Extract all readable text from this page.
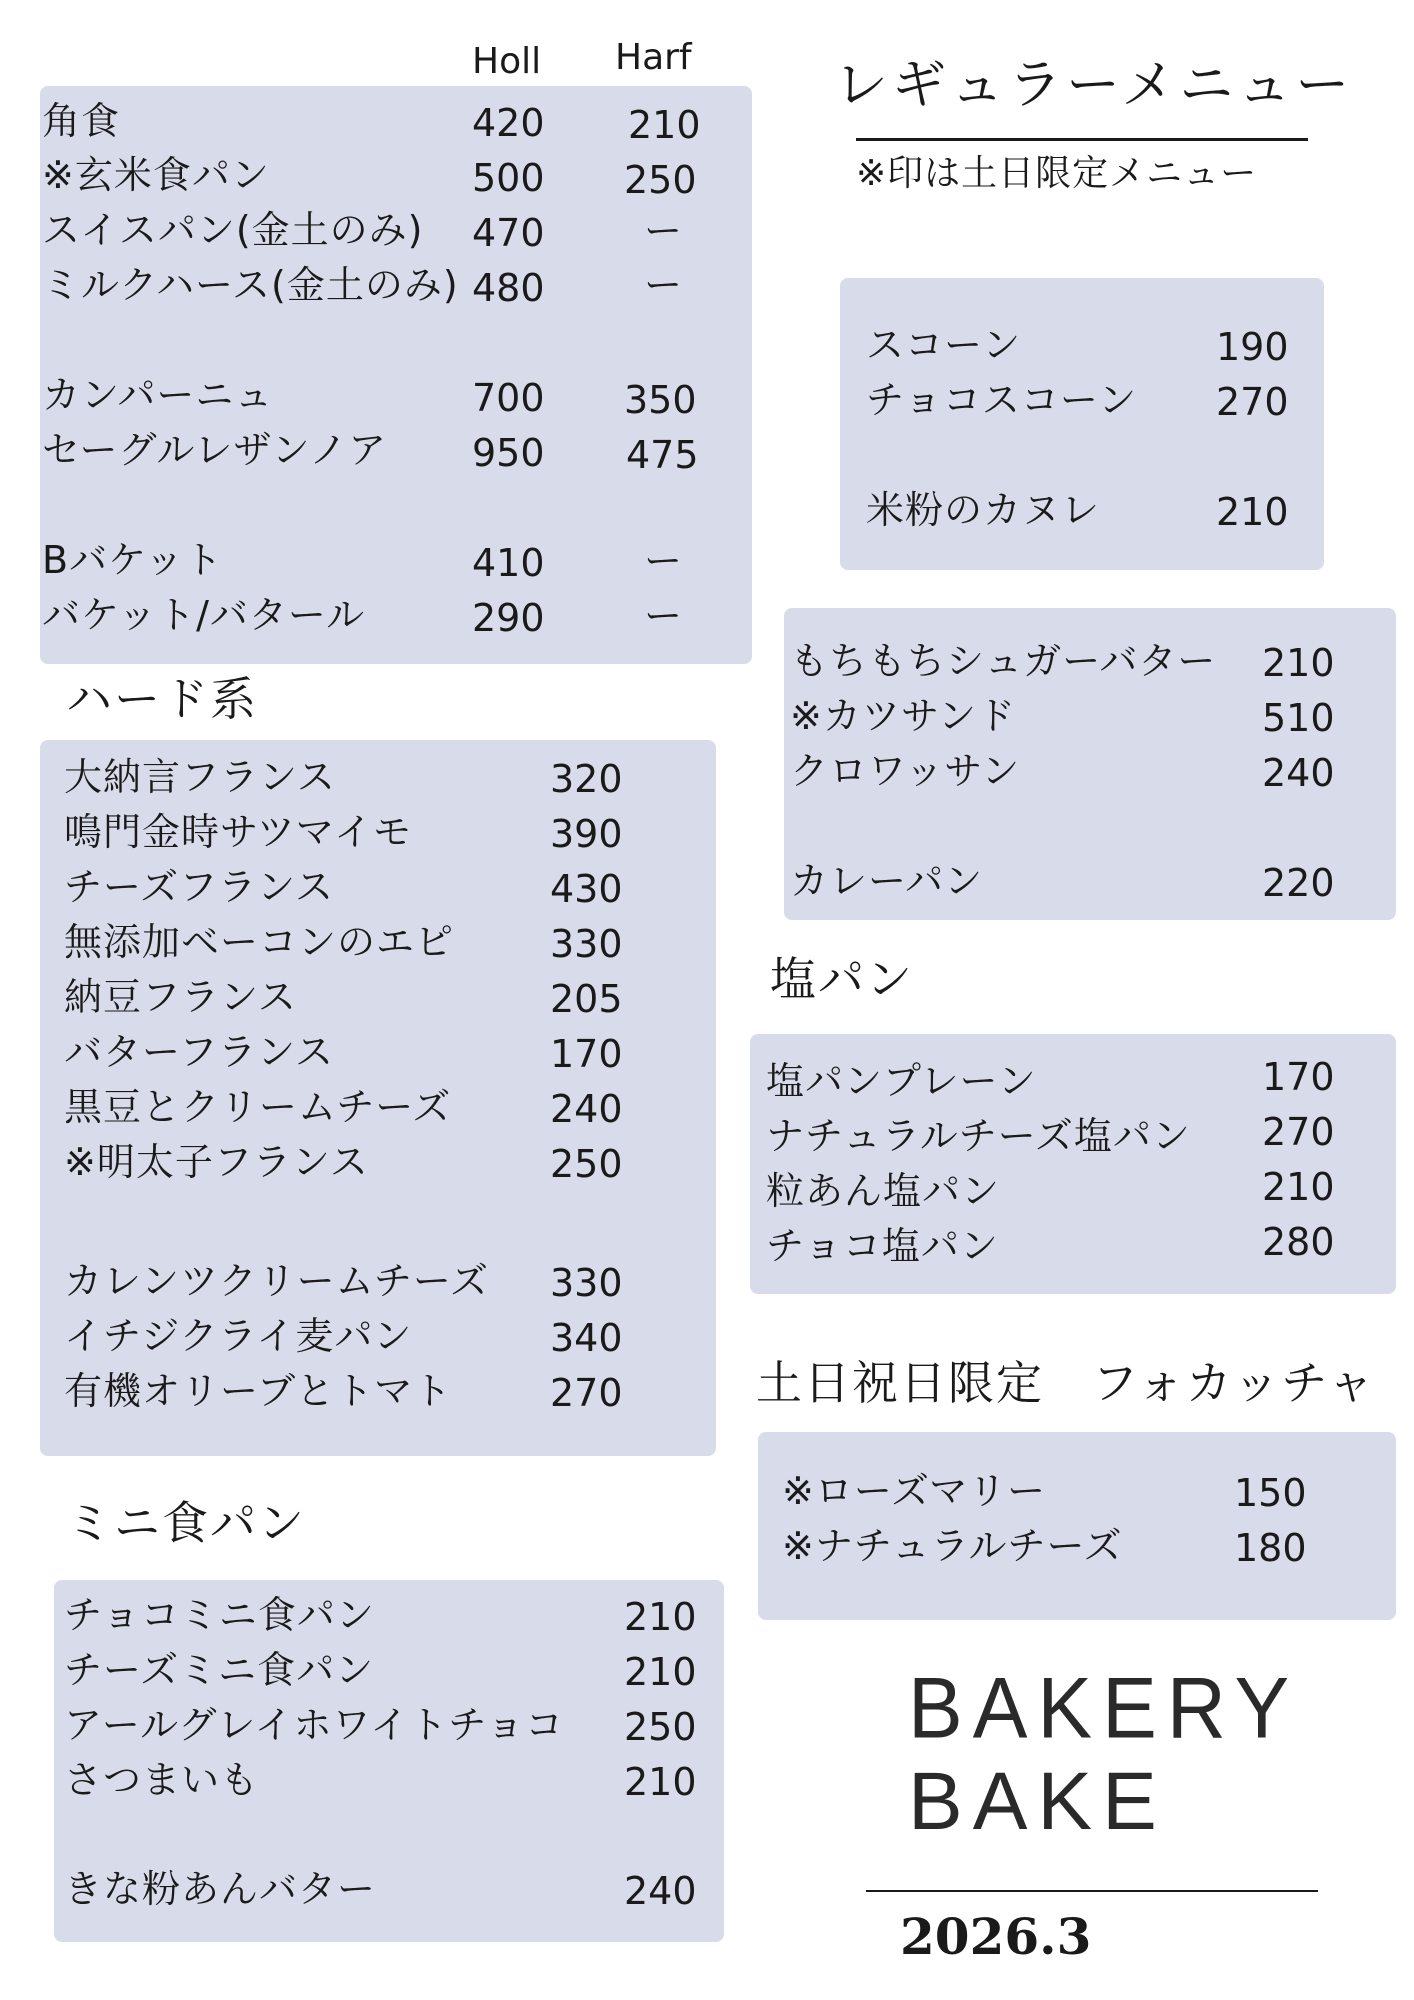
Holl Harf	レギュラーメニュー
※印は土日限定メニュー
角食	420 210
※玄米食パン	500 250
スイスパン(金土のみ) 470	ー
ミルクハース(金土のみ) 480	ー
カンパーニュ	700 350
セーグルレザンノア 950 475
Bバケット	410	ー
バケット/バタール	290	ー
ハード系
大納言フランス	320
鳴門金時サツマイモ	390
チーズフランス	430
無添加ベーコンのエピ	330
納豆フランス	205
バターフランス	170
黒豆とクリームチーズ	240
※明太子フランス	250
カレンツクリームチーズ 330
イチジクライ麦パン	340
有機オリーブとトマト	270
ミニ食パン
チョコミニ食パン	210
チーズミニ食パン	210
アールグレイホワイトチョコ 250
さつまいも	210
きな粉あんバター	240
スコーン	190
チョコスコーン 270
米粉のカヌレ	210
もちもちシュガーバター 210
※カツサンド	510
クロワッサン	240
カレーパン	220
塩パン
塩パンプレーン	170
ナチュラルチーズ塩パン 270
粒あん塩パン	210
チョコ塩パン	280
土日祝日限定　フォカッチャ
※ローズマリー	150
※ナチュラルチーズ	180
BAKERY
BAKE
2026.3
